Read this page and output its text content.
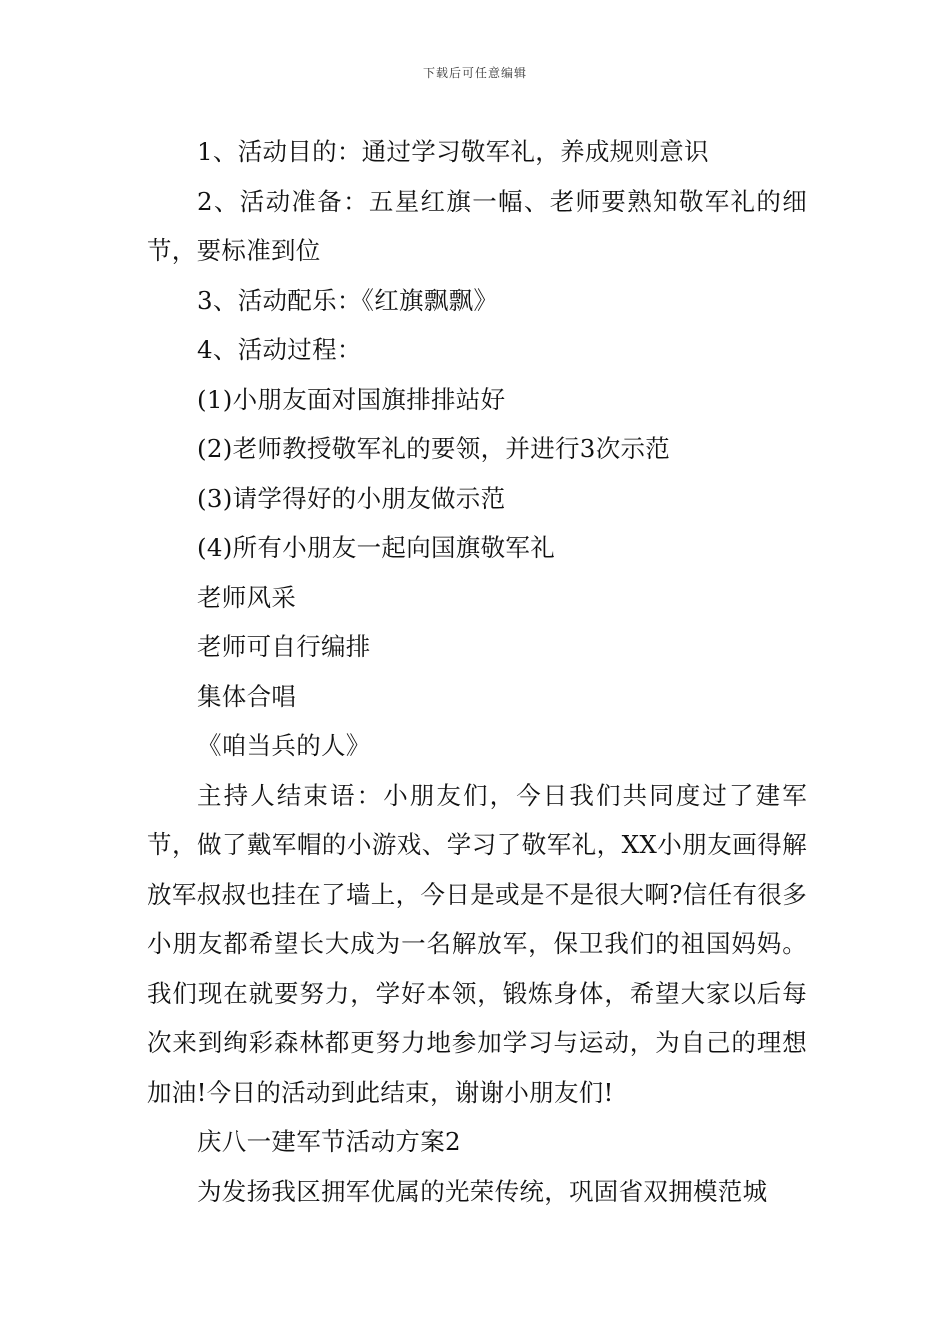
下载后可任意编辑

1、活动目的：通过学习敬军礼，养成规则意识

2、活动准备：五星红旗一幅、老师要熟知敬军礼的细节，要标准到位

3、活动配乐：《红旗飘飘》

4、活动过程：

(1)小朋友面对国旗排排站好

(2)老师教授敬军礼的要领，并进行3次示范

(3)请学得好的小朋友做示范

(4)所有小朋友一起向国旗敬军礼

老师风采

老师可自行编排

集体合唱

《咱当兵的人》

主持人结束语：小朋友们，今日我们共同度过了建军节，做了戴军帽的小游戏、学习了敬军礼，XX小朋友画得解放军叔叔也挂在了墙上，今日是或是不是很大啊?信任有很多小朋友都希望长大成为一名解放军，保卫我们的祖国妈妈。我们现在就要努力，学好本领，锻炼身体，希望大家以后每次来到绚彩森林都更努力地参加学习与运动，为自己的理想加油!今日的活动到此结束，谢谢小朋友们!

庆八一建军节活动方案2

为发扬我区拥军优属的光荣传统，巩固省双拥模范城
